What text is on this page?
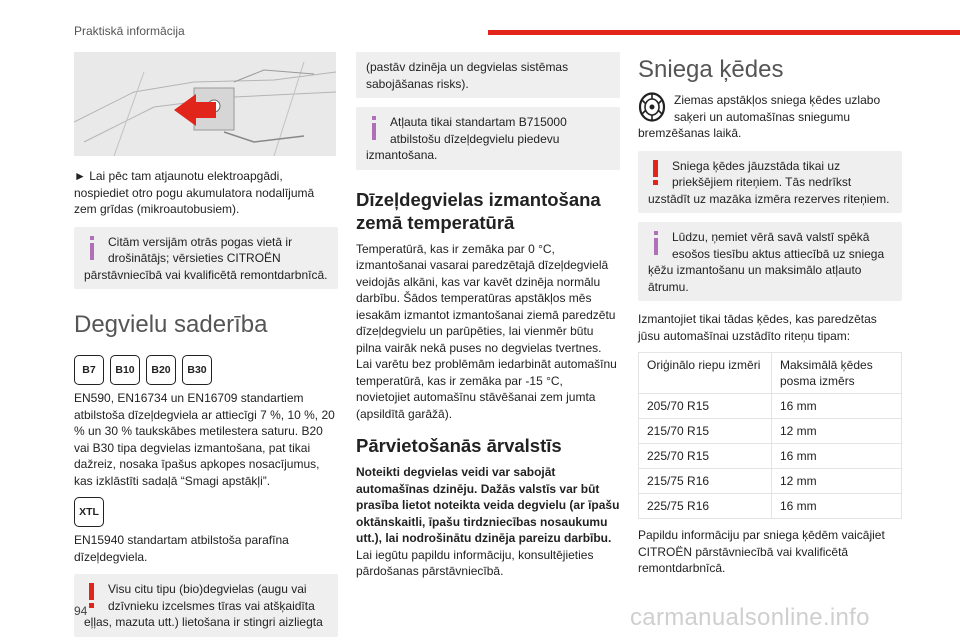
Praktiskā informācija

► Lai pēc tam atjaunotu elektroapgādi, nospiediet otro pogu akumulatora nodalījumā zem grīdas (mikroautobusiem).

Citām versijām otrās pogas vietā ir drošinātājs; vērsieties CITROËN pārstāvniecībā vai kvalificētā remontdarbnīcā.
Degvielu saderība
B7	B10	B20	B30

EN590, EN16734 un EN16709 standartiem atbilstoša dīzeļdegviela ar attiecīgi 7 %, 10 %, 20 % un 30 % taukskābes metilestera saturu. B20 vai B30 tipa degvielas izmantošana, pat tikai dažreiz, nosaka īpašus apkopes nosacījumus, kas izklāstīti sadaļā “Smagi apstākļi”.

XTL

EN15940 standartam atbilstoša parafīna dīzeļdegviela.

Visu citu tipu (bio)degvielas (augu vai dzīvnieku izcelsmes tīras vai atšķaidīta eļļas, mazuta utt.) lietošana ir stingri aizliegta
(pastāv dzinēja un degvielas sistēmas sabojāšanas risks).
Atļauta tikai standartam B715000 atbilstošu dīzeļdegvielu piedevu izmantošana.
Dīzeļdegvielas izmantošana zemā temperatūrā

Temperatūrā, kas ir zemāka par 0 °C, izmantošanai vasarai paredzētajā dīzeļdegvielā veidojās alkāni, kas var kavēt dzinēja normālu darbību. Šādos temperatūras apstākļos mēs iesakām izmantot izmantošanai ziemā paredzētu dīzeļdegvielu un parūpēties, lai vienmēr būtu pilna vairāk nekā puses no degvielas tvertnes. Lai varētu bez problēmām iedarbināt automašīnu temperatūrā, kas ir zemāka par -15 °C, novietojiet automašīnu stāvēšanai zem jumta (apsildītā garāžā).

Pārvietošanās ārvalstīs

Noteikti degvielas veidi var sabojāt automašīnas dzinēju. Dažās valstīs var būt prasība lietot noteikta veida degvielu (ar īpašu oktānskaitli, īpašu tirdzniecības nosaukumu utt.), lai nodrošinātu dzinēja pareizu darbību.

Lai iegūtu papildu informāciju, konsultējieties pārdošanas pārstāvniecībā.

Sniega ķēdes

Ziemas apstākļos sniega ķēdes uzlabo saķeri un automašīnas sniegumu bremzēšanas laikā.

Sniega ķēdes jāuzstāda tikai uz priekšējiem riteņiem. Tās nedrīkst uzstādīt uz mazāka izmēra rezerves riteņiem.
Lūdzu, ņemiet vērā savā valstī spēkā esošos tiesību aktus attiecībā uz sniega ķēžu izmantošanu un maksimālo atļauto ātrumu.

Izmantojiet tikai tādas ķēdes, kas paredzētas jūsu automašīnai uzstādīto riteņu tipam:

Oriģinālo riepu izmēri	Maksimālā ķēdes posma izmērs
205/70 R15	16 mm
215/70 R15	12 mm
225/70 R15	16 mm
215/75 R16	12 mm
225/75 R16	16 mm

Papildu informāciju par sniega ķēdēm vaicājiet CITROËN pārstāvniecībā vai kvalificētā remontdarbnīcā.

94	carmanualsonline.info
